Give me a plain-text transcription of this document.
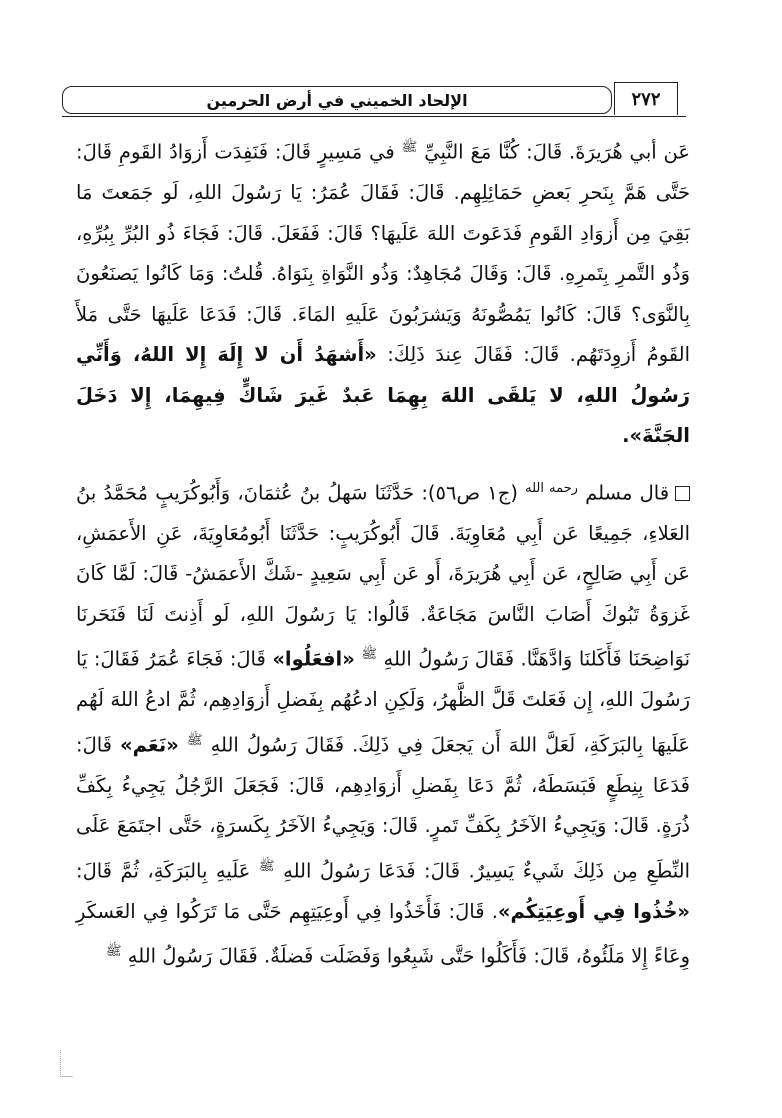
الإلحاد الخميني في أرض الحرمين	٢٧٢

عَن أبي هُرَيرَةَ. قَالَ: كُنَّا مَعَ النَّبِيِّ $^ﷺ$ في مَسِيرٍ قَالَ: فَنَفِدَت أَزوَادُ القَومِ قَالَ: حَتَّى هَمَّ بِنَحرِ بَعضِ حَمَائِلِهِم. قَالَ: فَقَالَ عُمَرُ: يَا رَسُولَ اللهِ، لَو جَمَعتَ مَا بَقِيَ مِن أَزوَادِ القَومِ فَدَعَوتَ اللهَ عَلَيهَا؟ قَالَ: فَفَعَلَ. قَالَ: فَجَاءَ ذُو البُرِّ بِبُرِّهِ، وَذُو التَّمرِ بِتَمرِهِ. قَالَ: وَقَالَ مُجَاهِدٌ: وَذُو النَّوَاةِ بِنَوَاهُ. قُلتُ: وَمَا كَانُوا يَصنَعُونَ بِالنَّوَى؟ قَالَ: كَانُوا يَمُصُّونَهُ وَيَشرَبُونَ عَلَيهِ المَاءَ. قَالَ: فَدَعَا عَلَيهَا حَتَّى مَلأَ القَومُ أَزوِدَتَهُم. قَالَ: فَقَالَ عِندَ ذَلِكَ: «أَشهَدُ أَن لا إِلَهَ إِلا اللهُ، وَأَنِّي رَسُولُ اللهِ، لا يَلقَى اللهَ بِهِمَا عَبدٌ غَيرَ شَاكٍّ فِيهِمَا، إِلا دَخَلَ الجَنَّةَ».

قال مسلم $^{رحمه الله}$ (ج١ ص٥٦): حَدَّثَنَا سَهلُ بنُ عُثمَانَ، وَأَبُوكُرَيبٍ مُحَمَّدُ بنُ العَلاءِ، جَمِيعًا عَن أَبِي مُعَاوِيَةَ. قَالَ أَبُوكُرَيبٍ: حَدَّثَنَا أَبُومُعَاوِيَةَ، عَنِ الأَعمَشِ، عَن أَبِي صَالِحٍ، عَن أَبِي هُرَيرَةَ، أَو عَن أَبِي سَعِيدٍ -شَكَّ الأَعمَشُ- قَالَ: لَمَّا كَانَ غَزوَةُ تَبُوكَ أَصَابَ النَّاسَ مَجَاعَةٌ. قَالُوا: يَا رَسُولَ اللهِ، لَو أَذِنتَ لَنَا فَنَحَرنَا نَوَاضِحَنَا فَأَكَلنَا وَادَّهَنَّا. فَقَالَ رَسُولُ اللهِ $^ﷺ$ «افعَلُوا» قَالَ: فَجَاءَ عُمَرُ فَقَالَ: يَا رَسُولَ اللهِ، إِن فَعَلتَ قَلَّ الظَّهرُ، وَلَكِنِ ادعُهُم بِفَضلِ أَزوَادِهِم، ثُمَّ ادعُ اللهَ لَهُم عَلَيهَا بِالبَرَكَةِ، لَعَلَّ اللهَ أَن يَجعَلَ فِي ذَلِكَ. فَقَالَ رَسُولُ اللهِ $^ﷺ$ «نَعَم» قَالَ: فَدَعَا بِنِطَعٍ فَبَسَطَهُ، ثُمَّ دَعَا بِفَضلِ أَزوَادِهِم، قَالَ: فَجَعَلَ الرَّجُلُ يَجِيءُ بِكَفِّ ذُرَةٍ. قَالَ: وَيَجِيءُ الآخَرُ بِكَفِّ تَمرٍ. قَالَ: وَيَجِيءُ الآخَرُ بِكَسرَةٍ، حَتَّى اجتَمَعَ عَلَى النِّطَعِ مِن ذَلِكَ شَيءٌ يَسِيرٌ. قَالَ: فَدَعَا رَسُولُ اللهِ $^ﷺ$ عَلَيهِ بِالبَرَكَةِ، ثُمَّ قَالَ: «خُذُوا فِي أَوعِيَتِكُم». قَالَ: فَأَخَذُوا فِي أَوعِيَتِهِم حَتَّى مَا تَرَكُوا فِي العَسكَرِ وِعَاءً إِلا مَلَئُوهُ، قَالَ: فَأَكَلُوا حَتَّى شَبِعُوا وَفَضَلَت فَضلَةٌ. فَقَالَ رَسُولُ اللهِ $^ﷺ$
